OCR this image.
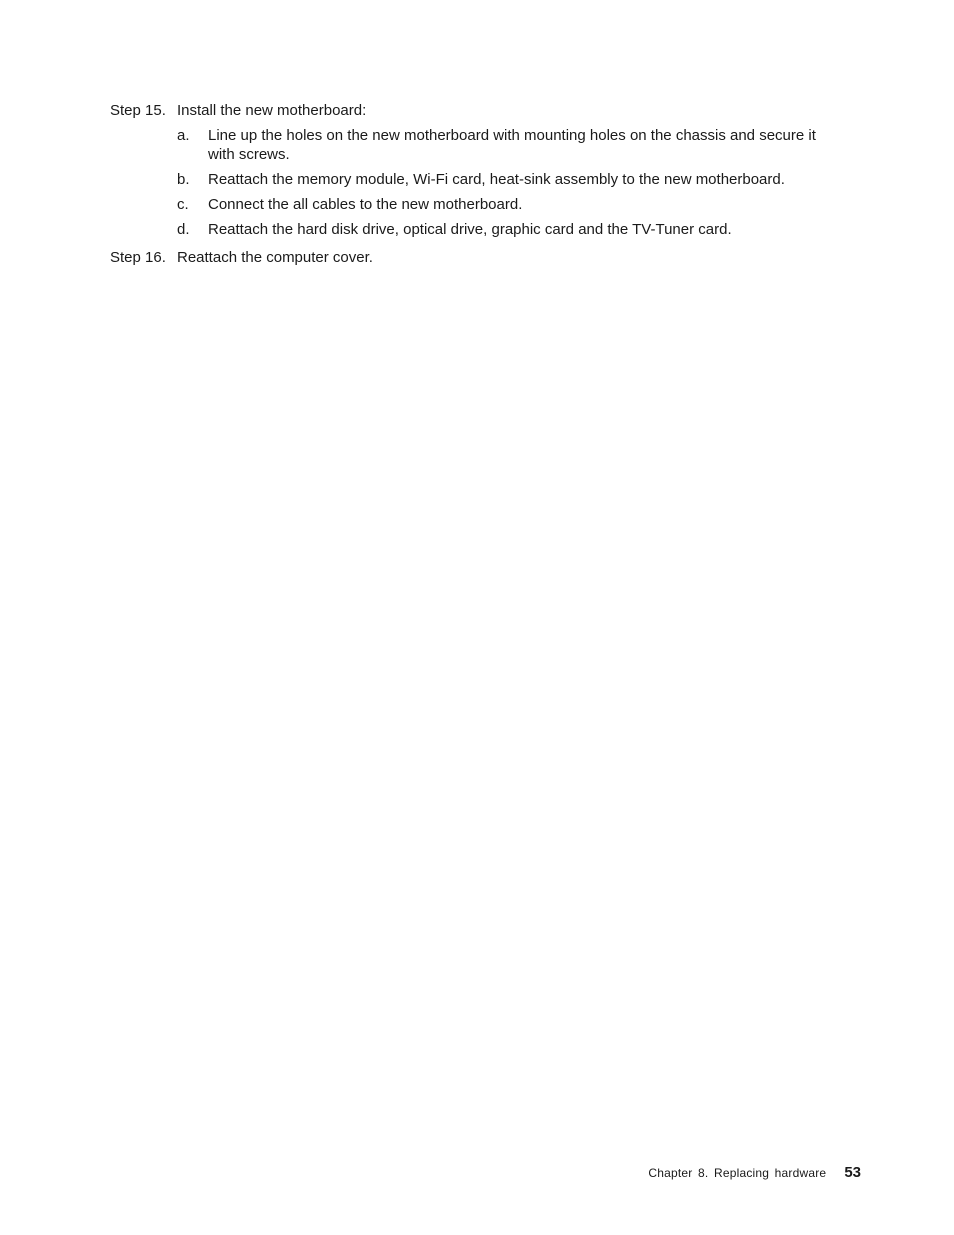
Step 15. Install the new motherboard:
a.	Line up the holes on the new motherboard with mounting holes on the chassis and secure it with screws.
b.	Reattach the memory module, Wi-Fi card, heat-sink assembly to the new motherboard.
c.	Connect the all cables to the new motherboard.
d.	Reattach the hard disk drive, optical drive, graphic card and the TV-Tuner card.
Step 16. Reattach the computer cover.
Chapter 8. Replacing hardware 53
